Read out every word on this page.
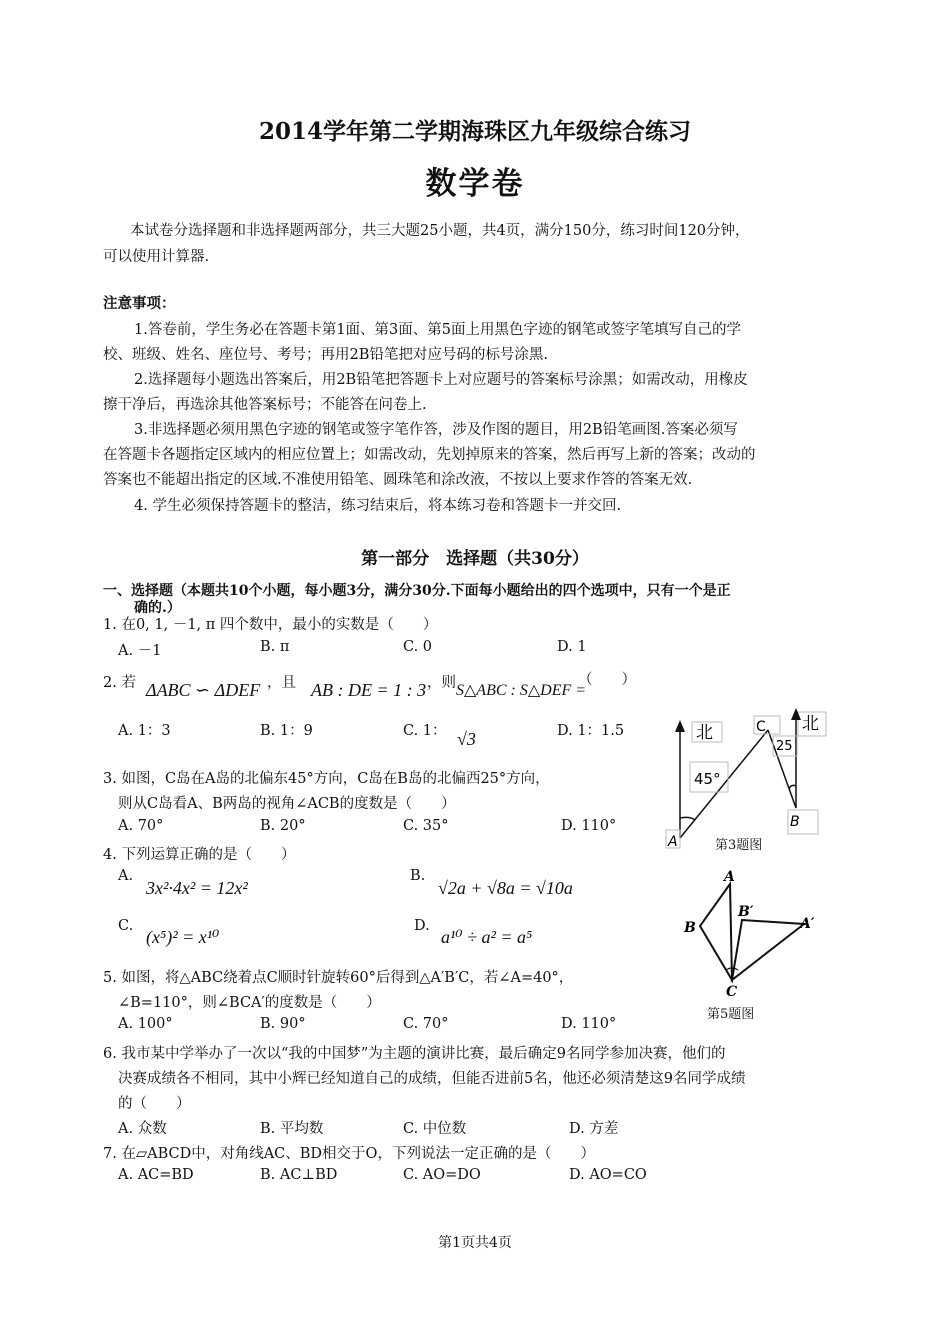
2014学年第二学期海珠区九年级综合练习
数学卷
本试卷分选择题和非选择题两部分，共三大题25小题，共4页，满分150分，练习时间120分钟，
可以使用计算器.
注意事项：
1.答卷前，学生务必在答题卡第1面、第3面、第5面上用黑色字迹的钢笔或签字笔填写自己的学
校、班级、姓名、座位号、考号；再用2B铅笔把对应号码的标号涂黑.
2.选择题每小题选出答案后，用2B铅笔把答题卡上对应题号的答案标号涂黑；如需改动，用橡皮
擦干净后，再选涂其他答案标号；不能答在问卷上.
3.非选择题必须用黑色字迹的钢笔或签字笔作答，涉及作图的题目，用2B铅笔画图.答案必须写
在答题卡各题指定区域内的相应位置上；如需改动，先划掉原来的答案，然后再写上新的答案；改动的
答案也不能超出指定的区域.不准使用铅笔、圆珠笔和涂改液，不按以上要求作答的答案无效.
4. 学生必须保持答题卡的整洁，练习结束后，将本练习卷和答题卡一并交回.
第一部分　选择题（共30分）
一、选择题（本题共10个小题，每小题3分，满分30分.下面每小题给出的四个选项中，只有一个是正
确的.）
1. 在0, 1, －1, π 四个数中，最小的实数是（　　）
A. －1	B. π	C. 0	D. 1
2. 若 ΔABC ∽ ΔDEF ，且 AB : DE = 1 : 3 ，则 S△ABC : S△DEF =
（　　）
A. 1：3	B. 1：9	C. 1： √3	D. 1：1.5
3. 如图，C岛在A岛的北偏东45°方向，C岛在B岛的北偏西25°方向，
则从C岛看A、B两岛的视角∠ACB的度数是（　　）
A. 70°	B. 20°	C. 35°	D. 110°
4. 下列运算正确的是（　　）
A.
3x²·4x² = 12x²
B.
√2a + √8a = √10a
C.
(x⁵)² = x¹⁰
D.
a¹⁰ ÷ a² = a⁵
5. 如图，将△ABC绕着点C顺时针旋转60°后得到△A′B′C，若∠A=40°，
∠B=110°，则∠BCA′的度数是（　　）
A. 100°	B. 90°	C. 70°	D. 110°
6. 我市某中学举办了一次以“我的中国梦”为主题的演讲比赛，最后确定9名同学参加决赛，他们的
决赛成绩各不相同，其中小辉已经知道自己的成绩，但能否进前5名，他还必须清楚这9名同学成绩
的（　　）
A. 众数	B. 平均数	C. 中位数	D. 方差
7. 在▱ABCD中，对角线AC、BD相交于O，下列说法一定正确的是（　　）
A. AC=BD	B. AC⊥BD	C. AO=DO	D. AO=CO
北	北
45°
25
A
B
C
第3题图
A
B
B′
A′
C
第5题图
第1页共4页
